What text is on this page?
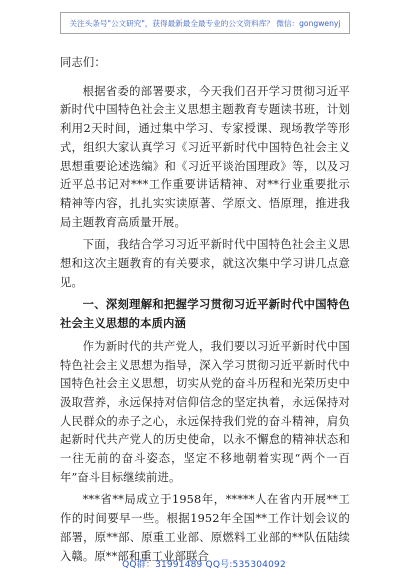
关注头条号"公文研究"，获得最新最全最专业的公文资料库？ 微信：gongwenyj

同志们：

根据省委的部署要求，今天我们召开学习贯彻习近平新时代中国特色社会主义思想主题教育专题读书班，计划利用2天时间，通过集中学习、专家授课、现场教学等形式，组织大家认真学习《习近平新时代中国特色社会主义思想重要论述选编》和《习近平谈治国理政》等，以及习近平总书记对***工作重要讲话精神、对**行业重要批示精神等内容，扎扎实实读原著、学原文、悟原理，推进我局主题教育高质量开展。

下面，我结合学习习近平新时代中国特色社会主义思想和这次主题教育的有关要求，就这次集中学习讲几点意见。

一、深刻理解和把握学习贯彻习近平新时代中国特色社会主义思想的本质内涵

作为新时代的共产党人，我们要以习近平新时代中国特色社会主义思想为指导，深入学习贯彻习近平新时代中国特色社会主义思想，切实从党的奋斗历程和光荣历史中汲取营养，永远保持对信仰信念的坚定执着，永远保持对人民群众的赤子之心，永远保持我们党的奋斗精神，肩负起新时代共产党人的历史使命，以永不懈怠的精神状态和一往无前的奋斗姿态，坚定不移地朝着实现“两个一百年”奋斗目标继续前进。

***省**局成立于1958年，*****人在省内开展**工作的时间要早一些。根据1952年全国**工作计划会议的部署，原**部、原重工业部、原燃料工业部的**队伍陆续入赣。原**部和重工业部联合

QQ群：31991489 QQ号:535304092
